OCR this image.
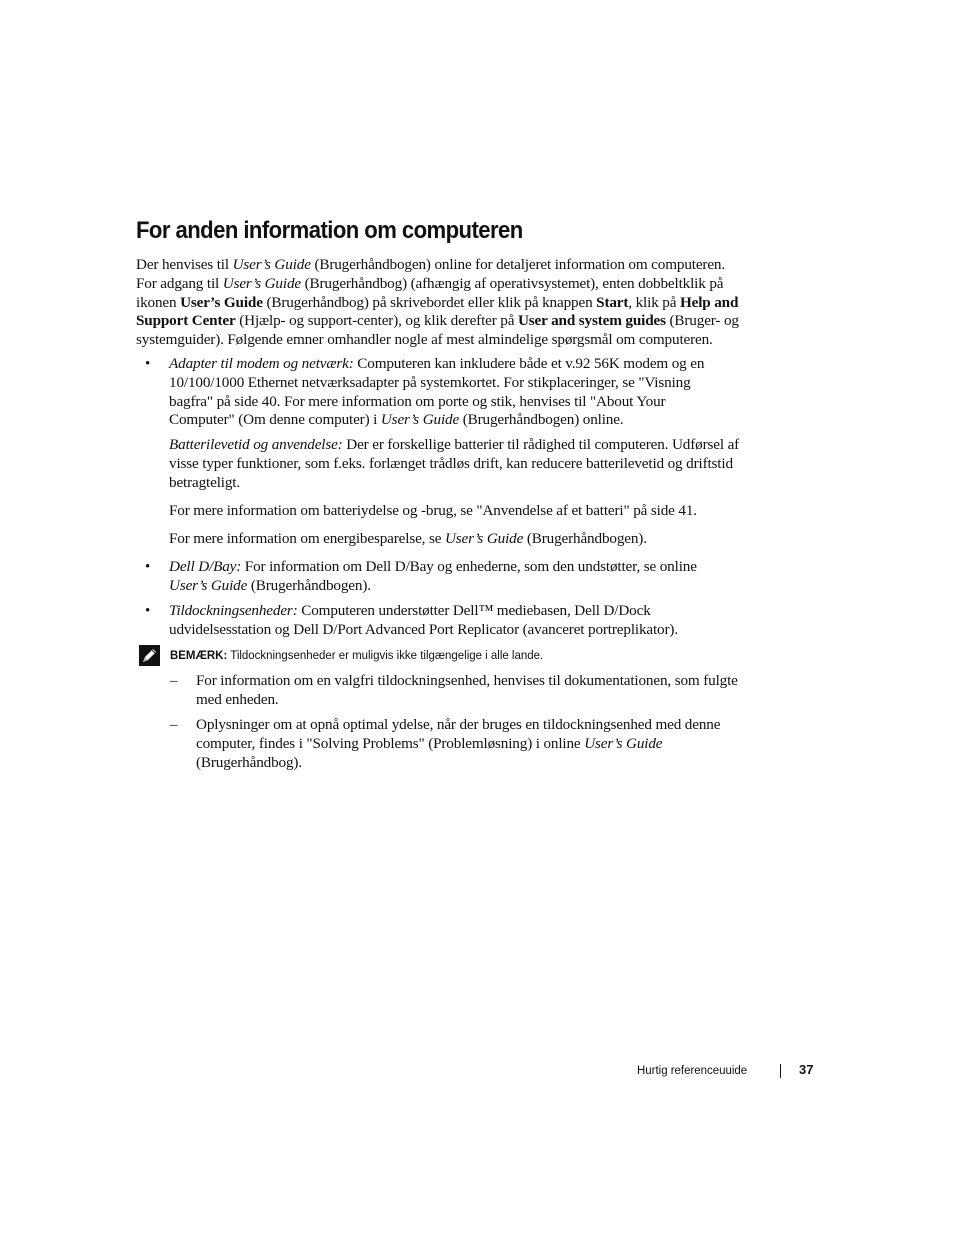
For anden information om computeren

Der henvises til User’s Guide (Brugerhåndbogen) online for detaljeret information om computeren. For adgang til User’s Guide (Brugerhåndbog) (afhængig af operativsystemet), enten dobbeltklik på ikonen User’s Guide (Brugerhåndbog) på skrivebordet eller klik på knappen Start, klik på Help and Support Center (Hjælp- og support-center), og klik derefter på User and system guides (Bruger- og systemguider). Følgende emner omhandler nogle af mest almindelige spørgsmål om computeren.

• Adapter til modem og netværk: Computeren kan inkludere både et v.92 56K modem og en 10/100/1000 Ethernet netværksadapter på systemkortet. For stikplaceringer, se "Visning bagfra" på side 40. For mere information om porte og stik, henvises til "About Your Computer" (Om denne computer) i User’s Guide (Brugerhåndbogen) online.

Batterilevetid og anvendelse: Der er forskellige batterier til rådighed til computeren. Udførsel af visse typer funktioner, som f.eks. forlænget trådløs drift, kan reducere batterilevetid og driftstid betragteligt.

For mere information om batteriydelse og -brug, se "Anvendelse af et batteri" på side 41.

For mere information om energibesparelse, se User’s Guide (Brugerhåndbogen).

• Dell D/Bay: For information om Dell D/Bay og enhederne, som den undstøtter, se online User’s Guide (Brugerhåndbogen).

• Tildockningsenheder: Computeren understøtter Dell™ mediebasen, Dell D/Dock udvidelsesstation og Dell D/Port Advanced Port Replicator (avanceret portreplikator).

BEMÆRK: Tildockningsenheder er muligvis ikke tilgængelige i alle lande.

– For information om en valgfri tildockningsenhed, henvises til dokumentationen, som fulgte med enheden.

– Oplysninger om at opnå optimal ydelse, når der bruges en tildockningsenhed med denne computer, findes i "Solving Problems" (Problemløsning) i online User’s Guide (Brugerhåndbog).

Hurtig referenceuuide	37
